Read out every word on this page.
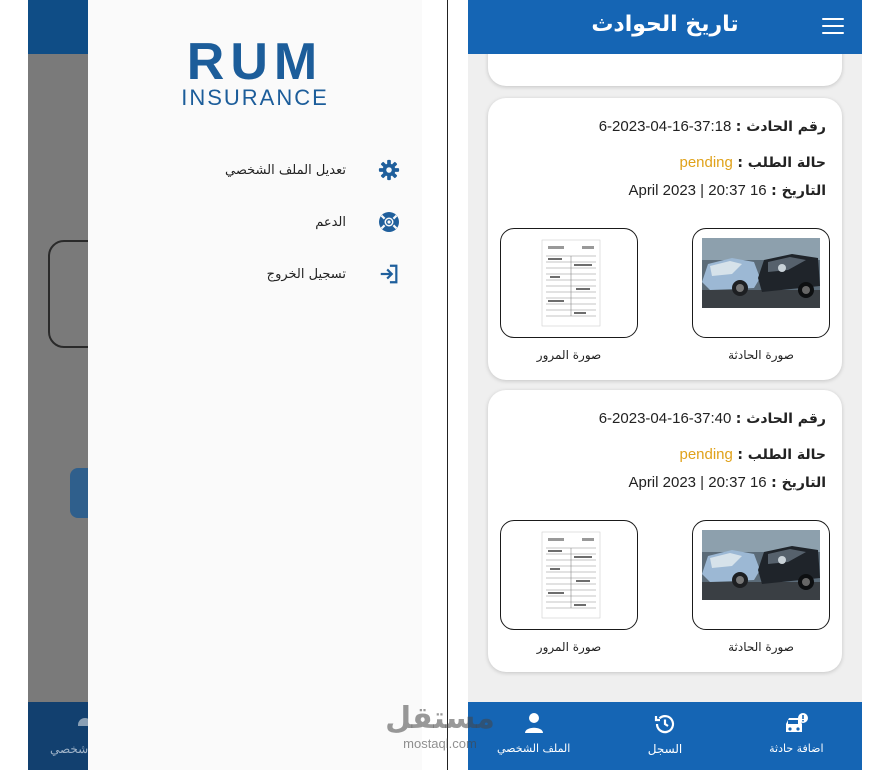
شخصي
RUM
INSURANCE
تعديل الملف الشخصي
الدعم
تسجيل الخروج
تاريخ الحوادث
رقم الحادث : 6-2023-04-16-37:18
حالة الطلب : pending
التاريخ : April 2023 | 20:37 16
صورة الحادثة
صورة المرور
رقم الحادث : 6-2023-04-16-37:40
حالة الطلب : pending
التاريخ : April 2023 | 20:37 16
صورة الحادثة
صورة المرور
اضافة حادثة
السجل
الملف الشخصي
مستقل
mostaql.com
